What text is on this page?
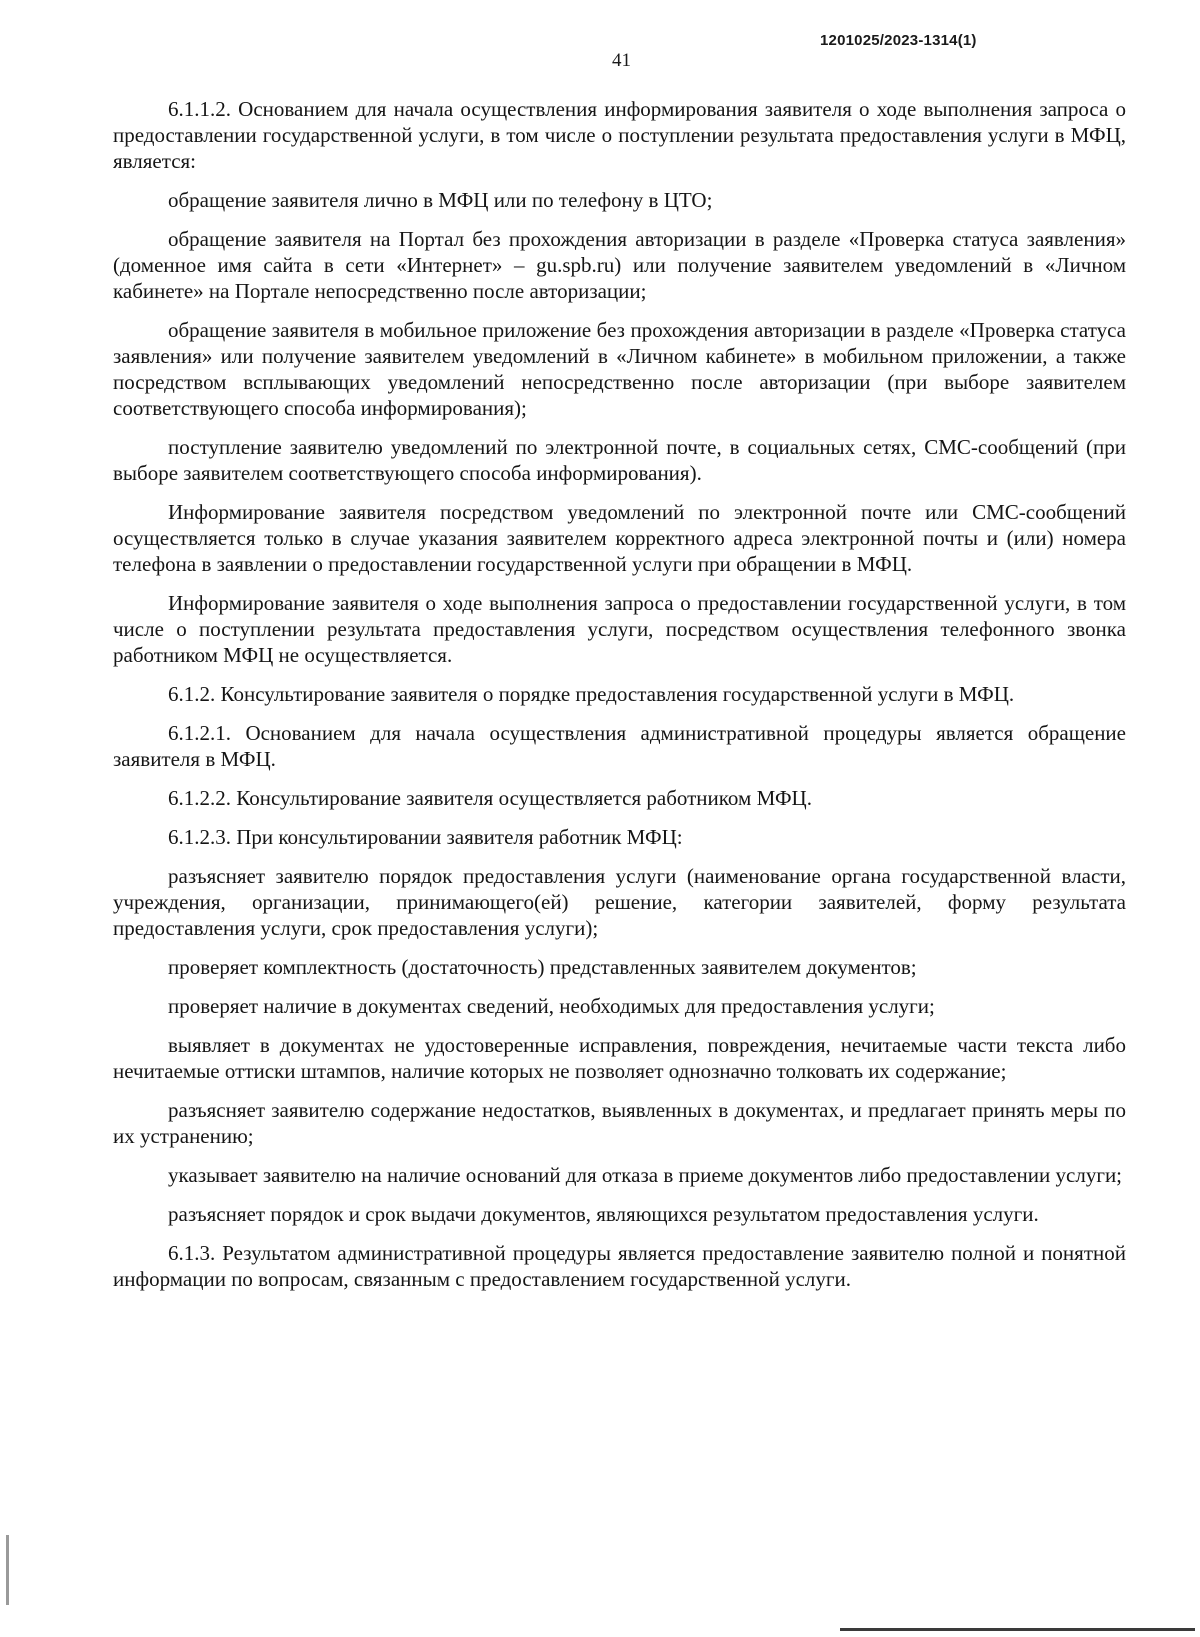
1201025/2023-1314(1)
41

6.1.1.2. Основанием для начала осуществления информирования заявителя о ходе выполнения запроса о предоставлении государственной услуги, в том числе о поступлении результата предоставления услуги в МФЦ, является:

обращение заявителя лично в МФЦ или по телефону в ЦТО;

обращение заявителя на Портал без прохождения авторизации в разделе «Проверка статуса заявления» (доменное имя сайта в сети «Интернет» – gu.spb.ru) или получение заявителем уведомлений в «Личном кабинете» на Портале непосредственно после авторизации;

обращение заявителя в мобильное приложение без прохождения авторизации в разделе «Проверка статуса заявления» или получение заявителем уведомлений в «Личном кабинете» в мобильном приложении, а также посредством всплывающих уведомлений непосредственно после авторизации (при выборе заявителем соответствующего способа информирования);

поступление заявителю уведомлений по электронной почте, в социальных сетях, СМС-сообщений (при выборе заявителем соответствующего способа информирования).

Информирование заявителя посредством уведомлений по электронной почте или СМС-сообщений осуществляется только в случае указания заявителем корректного адреса электронной почты и (или) номера телефона в заявлении о предоставлении государственной услуги при обращении в МФЦ.

Информирование заявителя о ходе выполнения запроса о предоставлении государственной услуги, в том числе о поступлении результата предоставления услуги, посредством осуществления телефонного звонка работником МФЦ не осуществляется.

6.1.2. Консультирование заявителя о порядке предоставления государственной услуги в МФЦ.

6.1.2.1. Основанием для начала осуществления административной процедуры является обращение заявителя в МФЦ.

6.1.2.2. Консультирование заявителя осуществляется работником МФЦ.

6.1.2.3. При консультировании заявителя работник МФЦ:

разъясняет заявителю порядок предоставления услуги (наименование органа государственной власти, учреждения, организации, принимающего(ей) решение, категории заявителей, форму результата предоставления услуги, срок предоставления услуги);

проверяет комплектность (достаточность) представленных заявителем документов;

проверяет наличие в документах сведений, необходимых для предоставления услуги;

выявляет в документах не удостоверенные исправления, повреждения, нечитаемые части текста либо нечитаемые оттиски штампов, наличие которых не позволяет однозначно толковать их содержание;

разъясняет заявителю содержание недостатков, выявленных в документах, и предлагает принять меры по их устранению;

указывает заявителю на наличие оснований для отказа в приеме документов либо предоставлении услуги;

разъясняет порядок и срок выдачи документов, являющихся результатом предоставления услуги.

6.1.3. Результатом административной процедуры является предоставление заявителю полной и понятной информации по вопросам, связанным с предоставлением государственной услуги.
